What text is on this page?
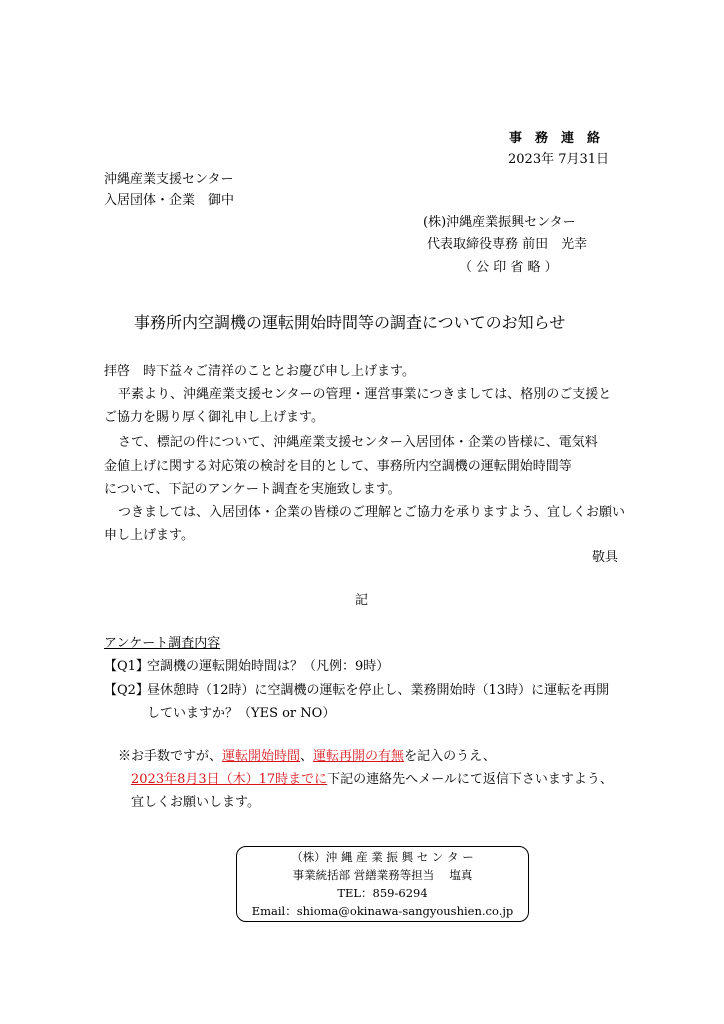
事　務　連　絡
2023年 7月31日
沖縄産業支援センター
入居団体・企業　御中
(株)沖縄産業振興センター
代表取締役専務 前田　光幸
（ 公 印 省 略 ）
事務所内空調機の運転開始時間等の調査についてのお知らせ
拝啓　時下益々ご清祥のこととお慶び申し上げます。
平素より、沖縄産業支援センターの管理・運営事業につきましては、格別のご支援と
ご協力を賜り厚く御礼申し上げます。
さて、標記の件について、沖縄産業支援センター入居団体・企業の皆様に、電気料
金値上げに関する対応策の検討を目的として、事務所内空調機の運転開始時間等
について、下記のアンケート調査を実施致します。
つきましては、入居団体・企業の皆様のご理解とご協力を承りますよう、宜しくお願い
申し上げます。
敬具
記
アンケート調査内容
【Q1】
空調機の運転開始時間は？（凡例：9時）
【Q2】
昼休憩時（12時）に空調機の運転を停止し、業務開始時（13時）に運転を再開
していますか？（YES or NO）
※お手数ですが、運転開始時間、運転再開の有無を記入のうえ、
2023年8月3日（木）17時までに下記の連絡先へメールにて返信下さいますよう、
宜しくお願いします。
（株）沖 縄 産 業 振 興 セ ン タ ー
事業統括部 営繕業務等担当　 塩真
TEL：859-6294
Email：shioma@okinawa-sangyoushien.co.jp
